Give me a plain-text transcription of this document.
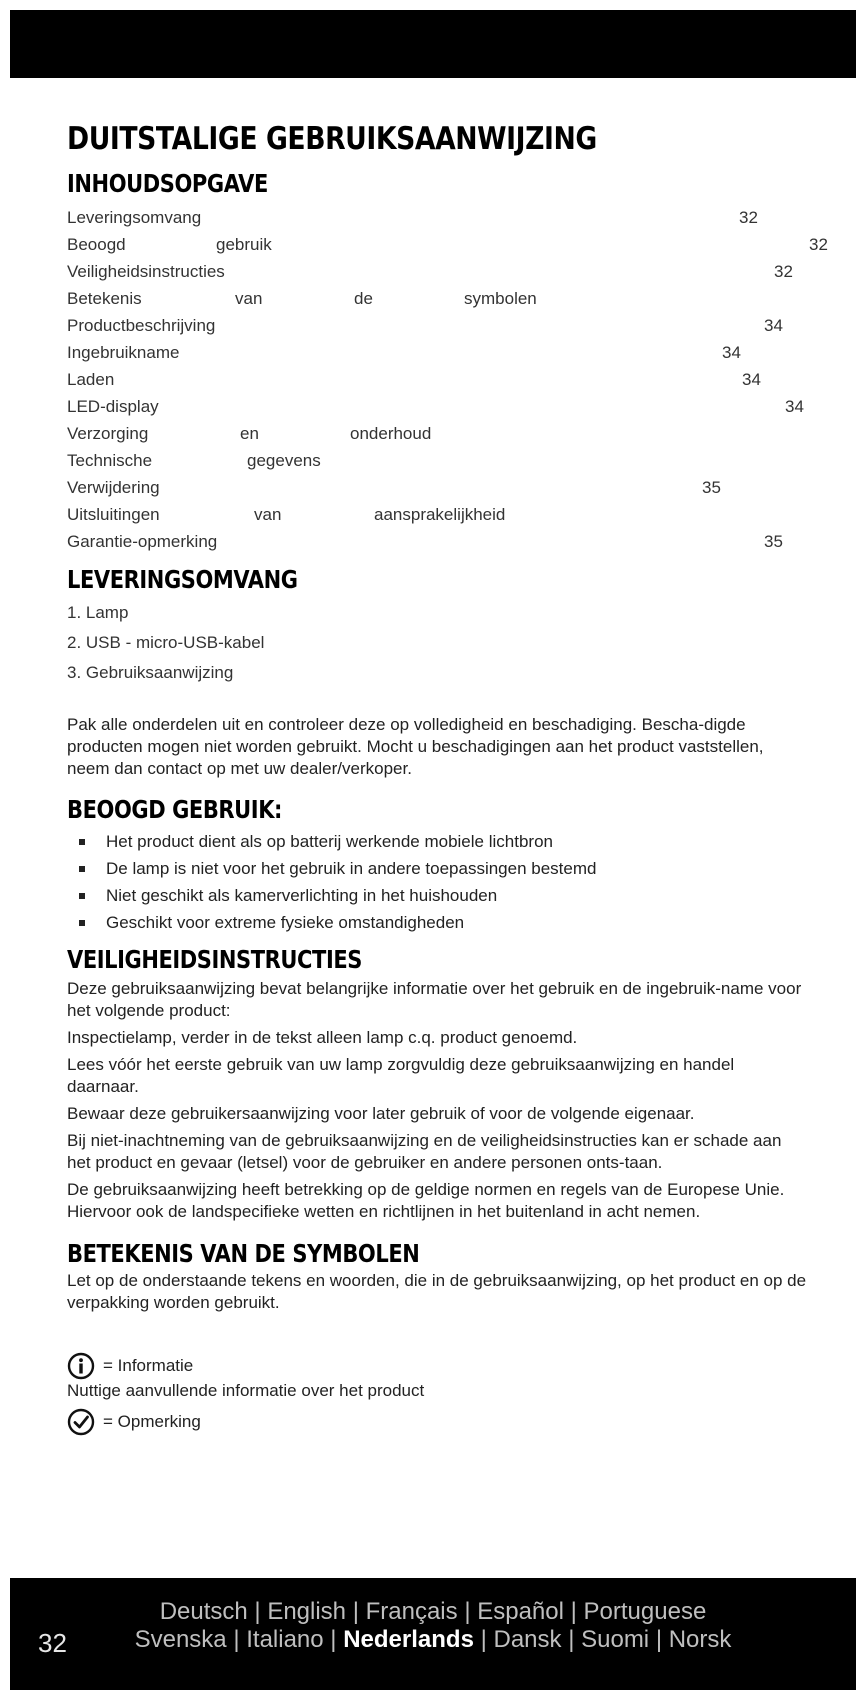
DUITSTALIGE GEBRUIKSAANWIJZING
INHOUDSOPGAVE
Leveringsomvang	32
Beoogd	gebruik	32
Veiligheidsinstructies	32
Betekenis	van	de	symbolen
Productbeschrijving	34
Ingebruikname	34
Laden	34
LED-display	34
Verzorging	en	onderhoud
Technische	gegevens
Verwijdering	35
Uitsluitingen	van	aansprakelijkheid
Garantie-opmerking	35
LEVERINGSOMVANG
1. Lamp
2. USB - micro-USB-kabel
3. Gebruiksaanwijzing

Pak alle onderdelen uit en controleer deze op volledigheid en beschadiging. Bescha-digde producten mogen niet worden gebruikt. Mocht u beschadigingen aan het product vaststellen, neem dan contact op met uw dealer/verkoper.

BEOOGD GEBRUIK:
Het product dient als op batterij werkende mobiele lichtbron
De lamp is niet voor het gebruik in andere toepassingen bestemd
Niet geschikt als kamerverlichting in het huishouden
Geschikt voor extreme fysieke omstandigheden
VEILIGHEIDSINSTRUCTIES

Deze gebruiksaanwijzing bevat belangrijke informatie over het gebruik en de ingebruik-name voor het volgende product:

Inspectielamp, verder in de tekst alleen lamp c.q. product genoemd.

Lees vóór het eerste gebruik van uw lamp zorgvuldig deze gebruiksaanwijzing en handel daarnaar.

Bewaar deze gebruikersaanwijzing voor later gebruik of voor de volgende eigenaar.

Bij niet-inachtneming van de gebruiksaanwijzing en de veiligheidsinstructies kan er schade aan het product en gevaar (letsel) voor de gebruiker en andere personen onts-taan.

De gebruiksaanwijzing heeft betrekking op de geldige normen en regels van de Europese Unie. Hiervoor ook de landspecifieke wetten en richtlijnen in het buitenland in acht nemen.

BETEKENIS VAN DE SYMBOLEN

Let op de onderstaande tekens en woorden, die in de gebruiksaanwijzing, op het product en op de verpakking worden gebruikt.

= Informatie

Nuttige aanvullende informatie over het product

= Opmerking
32
Deutsch | English | Français | Español | Portuguese
Svenska | Italiano | Nederlands | Dansk | Suomi | Norsk
